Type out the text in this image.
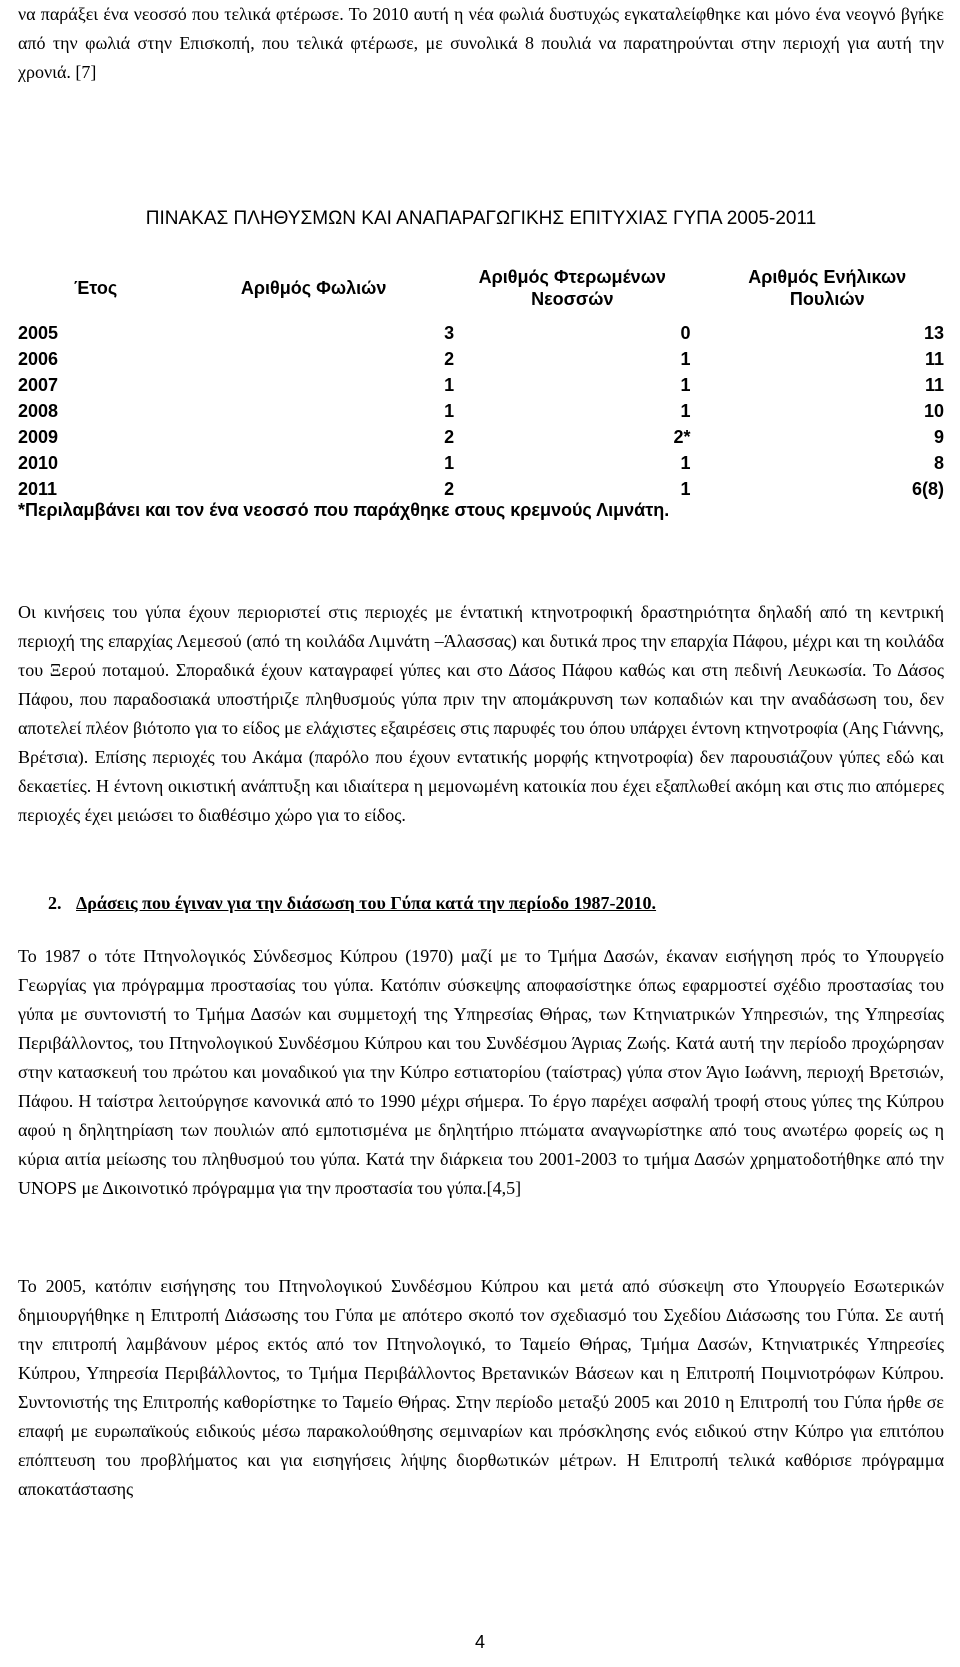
να παράξει ένα νεοσσό που τελικά φτέρωσε. Το 2010 αυτή η νέα φωλιά δυστυχώς εγκαταλείφθηκε και μόνο ένα νεογνό βγήκε από την φωλιά στην Επισκοπή, που τελικά φτέρωσε, με συνολικά 8 πουλιά να παρατηρούνται στην περιοχή για αυτή την χρονιά. [7]

ΠΙΝΑΚΑΣ ΠΛΗΘΥΣΜΩΝ ΚΑΙ ΑΝΑΠΑΡΑΓΩΓΙΚΗΣ ΕΠΙΤΥΧΙΑΣ ΓΥΠΑ 2005-2011
Έτος	Αριθμός Φωλιών	Αριθμός Φτερωμένων Νεοσσών	Αριθμός Ενήλικων Πουλιών
2005	3	0	13
2006	2	1	11
2007	1	1	11
2008	1	1	10
2009	2	2*	9
2010	1	1	8
2011	2	1	6(8)
*Περιλαμβάνει και τον ένα νεοσσό που παράχθηκε στους κρεμνούς Λιμνάτη.

Οι κινήσεις του γύπα έχουν περιοριστεί στις περιοχές με έντατική κτηνοτροφική δραστηριότητα δηλαδή από τη κεντρική περιοχή της επαρχίας Λεμεσού (από τη κοιλάδα Λιμνάτη –Άλασσας) και δυτικά προς την επαρχία Πάφου, μέχρι και τη κοιλάδα του Ξερού ποταμού. Σποραδικά έχουν καταγραφεί γύπες και στο Δάσος Πάφου καθώς και στη πεδινή Λευκωσία. Το Δάσος Πάφου, που παραδοσιακά υποστήριζε πληθυσμούς γύπα πριν την απομάκρυνση των κοπαδιών και την αναδάσωση του, δεν αποτελεί πλέον βιότοπο για το είδος με ελάχιστες εξαιρέσεις στις παρυφές του όπου υπάρχει έντονη κτηνοτροφία (Αης Γιάννης, Βρέτσια). Επίσης περιοχές του Ακάμα (παρόλο που έχουν εντατικής μορφής κτηνοτροφία) δεν παρουσιάζουν γύπες εδώ και δεκαετίες. Η έντονη οικιστική ανάπτυξη και ιδιαίτερα η μεμονωμένη κατοικία που έχει εξαπλωθεί ακόμη και στις πιο απόμερες περιοχές έχει μειώσει το διαθέσιμο χώρο για το είδος.

2. Δράσεις που έγιναν για την διάσωση του Γύπα κατά την περίοδο 1987-2010.

Το 1987 ο τότε Πτηνολογικός Σύνδεσμος Κύπρου (1970) μαζί με το Τμήμα Δασών, έκαναν εισήγηση πρός το Υπουργείο Γεωργίας για πρόγραμμα προστασίας του γύπα. Κατόπιν σύσκεψης αποφασίστηκε όπως εφαρμοστεί σχέδιο προστασίας του γύπα με συντονιστή το Τμήμα Δασών και συμμετοχή της Υπηρεσίας Θήρας, των Κτηνιατρικών Υπηρεσιών, της Υπηρεσίας Περιβάλλοντος, του Πτηνολογικού Συνδέσμου Κύπρου και του Συνδέσμου Άγριας Ζωής. Κατά αυτή την περίοδο προχώρησαν στην κατασκευή του πρώτου και μοναδικού για την Κύπρο εστιατορίου (ταίστρας) γύπα στον Άγιο Ιωάννη, περιοχή Βρετσιών, Πάφου. Η ταίστρα λειτούργησε κανονικά από το 1990 μέχρι σήμερα. Το έργο παρέχει ασφαλή τροφή στους γύπες της Κύπρου αφού η δηλητηρίαση των πουλιών από εμποτισμένα με δηλητήριο πτώματα αναγνωρίστηκε από τους ανωτέρω φορείς ως η κύρια αιτία μείωσης του πληθυσμού του γύπα. Κατά την διάρκεια του 2001-2003 το τμήμα Δασών χρηματοδοτήθηκε από την UNOPS με Δικοινοτικό πρόγραμμα για την προστασία του γύπα.[4,5]

Το 2005, κατόπιν εισήγησης του Πτηνολογικού Συνδέσμου Κύπρου και μετά από σύσκεψη στο Υπουργείο Εσωτερικών δημιουργήθηκε η Επιτροπή Διάσωσης του Γύπα με απότερο σκοπό τον σχεδιασμό του Σχεδίου Διάσωσης του Γύπα. Σε αυτή την επιτροπή λαμβάνουν μέρος εκτός από τον Πτηνολογικό, το Ταμείο Θήρας, Τμήμα Δασών, Κτηνιατρικές Υπηρεσίες Κύπρου, Υπηρεσία Περιβάλλοντος, το Τμήμα Περιβάλλοντος Βρετανικών Βάσεων και η Επιτροπή Ποιμνιοτρόφων Κύπρου. Συντονιστής της Επιτροπής καθορίστηκε το Ταμείο Θήρας. Στην περίοδο μεταξύ 2005 και 2010 η Επιτροπή του Γύπα ήρθε σε επαφή με ευρωπαϊκούς ειδικούς μέσω παρακολούθησης σεμιναρίων και πρόσκλησης ενός ειδικού στην Κύπρο για επιτόπου επόπτευση του προβλήματος και για εισηγήσεις λήψης διορθωτικών μέτρων. Η Επιτροπή τελικά καθόρισε πρόγραμμα αποκατάστασης

4
